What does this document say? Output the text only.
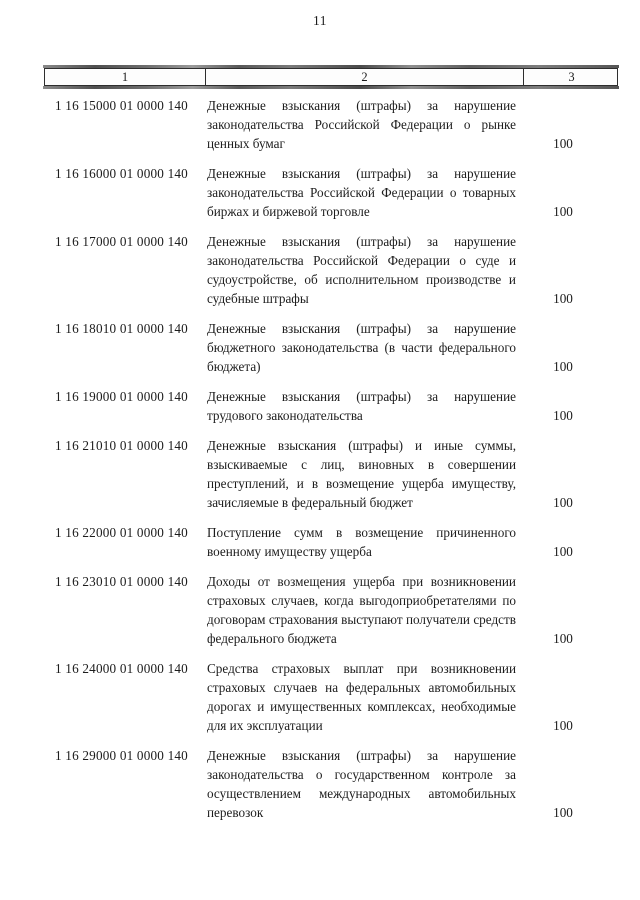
11
1	2	3
1 16 15000 01 0000 140	Денежные взыскания (штрафы) за нарушение законодательства Российской Федерации о рынке ценных бумаг	100
1 16 16000 01 0000 140	Денежные взыскания (штрафы) за нарушение законодательства Российской Федерации о товарных биржах и биржевой торговле	100
1 16 17000 01 0000 140	Денежные взыскания (штрафы) за нарушение законодательства Российской Федерации о суде и судоустройстве, об исполнительном производстве и судебные штрафы	100
1 16 18010 01 0000 140	Денежные взыскания (штрафы) за нарушение бюджетного законодательства (в части федерального бюджета)	100
1 16 19000 01 0000 140	Денежные взыскания (штрафы) за нарушение трудового законодательства	100
1 16 21010 01 0000 140	Денежные взыскания (штрафы) и иные суммы, взыскиваемые с лиц, виновных в совершении преступлений, и в возмещение ущерба имуществу, зачисляемые в федеральный бюджет	100
1 16 22000 01 0000 140	Поступление сумм в возмещение причиненного военному имуществу ущерба	100
1 16 23010 01 0000 140	Доходы от возмещения ущерба при возникновении страховых случаев, когда выгодоприобретателями по договорам страхования выступают получатели средств федерального бюджета	100
1 16 24000 01 0000 140	Средства страховых выплат при возникновении страховых случаев на федеральных автомобильных дорогах и имущественных комплексах, необходимые для их эксплуатации	100
1 16 29000 01 0000 140	Денежные взыскания (штрафы) за нарушение законодательства о государственном контроле за осуществлением международных автомобильных перевозок	100
